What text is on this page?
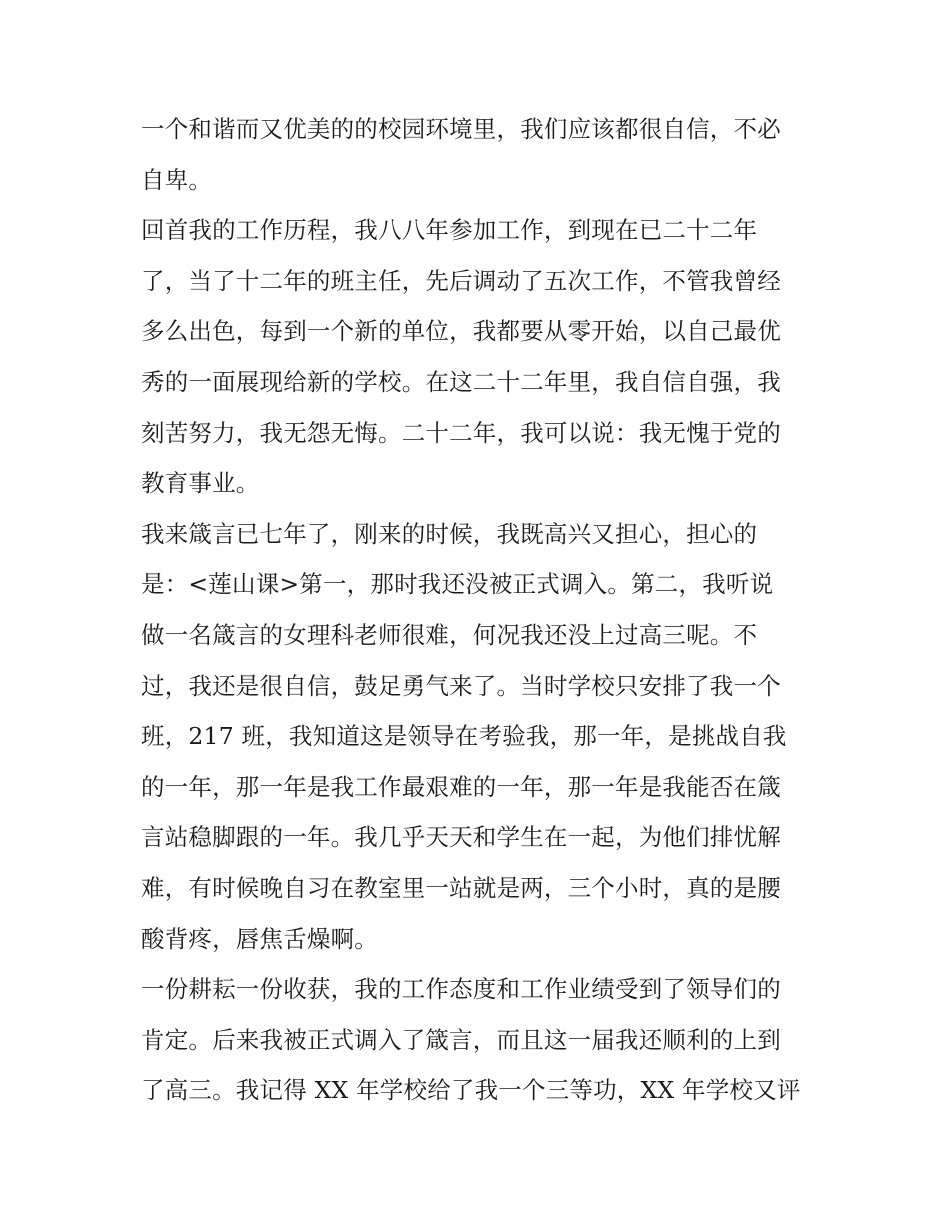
一个和谐而又优美的的校园环境里，我们应该都很自信，不必
自卑。
回首我的工作历程，我八八年参加工作，到现在已二十二年
了，当了十二年的班主任，先后调动了五次工作，不管我曾经
多么出色，每到一个新的单位，我都要从零开始，以自己最优
秀的一面展现给新的学校。在这二十二年里，我自信自强，我
刻苦努力，我无怨无悔。二十二年，我可以说：我无愧于党的
教育事业。
我来箴言已七年了，刚来的时候，我既高兴又担心，担心的
是：<莲山课>第一，那时我还没被正式调入。第二，我听说
做一名箴言的女理科老师很难，何况我还没上过高三呢。不
过，我还是很自信，鼓足勇气来了。当时学校只安排了我一个
班，217 班，我知道这是领导在考验我，那一年，是挑战自我
的一年，那一年是我工作最艰难的一年，那一年是我能否在箴
言站稳脚跟的一年。我几乎天天和学生在一起，为他们排忧解
难，有时候晚自习在教室里一站就是两，三个小时，真的是腰
酸背疼，唇焦舌燥啊。
一份耕耘一份收获，我的工作态度和工作业绩受到了领导们的
肯定。后来我被正式调入了箴言，而且这一届我还顺利的上到
了高三。我记得 XX 年学校给了我一个三等功，XX 年学校又评
